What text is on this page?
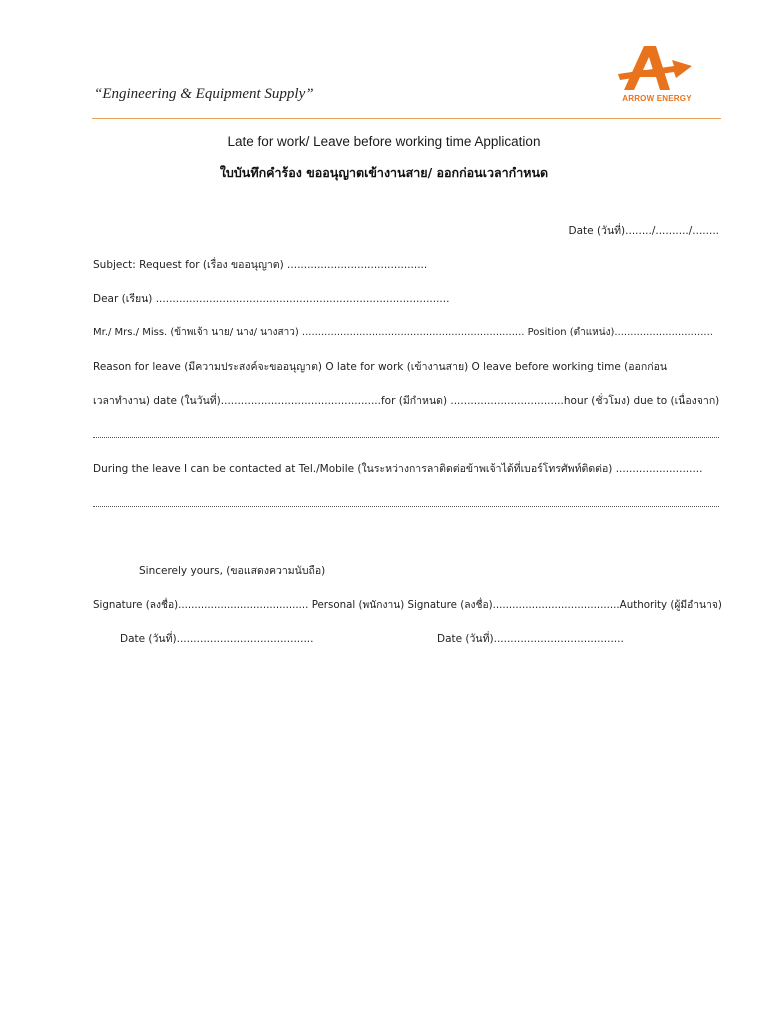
“Engineering & Equipment Supply”	ARROW ENERGY
Late for work/ Leave before working time Application
ใบบันทึกคำร้อง ขออนุญาตเข้างานสาย/ ออกก่อนเวลากำหนด
Date (วันที่)......../........../........
Subject: Request for (เรื่อง ขออนุญาต) ..........................................
Dear (เรียน) ........................................................................................
Mr./ Mrs./ Miss. (ข้าพเจ้า นาย/ นาง/ นางสาว) ...................................................................... Position (ตำแหน่ง)...............................
Reason for leave (มีความประสงค์จะขออนุญาต) O late for work (เข้างานสาย) O leave before working time (ออกก่อน
เวลาทำงาน) date (ในวันที่)................................................for (มีกำหนด) ..................................hour (ชั่วโมง) due to (เนื่องจาก)
During the leave I can be contacted at Tel./Mobile (ในระหว่างการลาติดต่อข้าพเจ้าได้ที่เบอร์โทรศัพท์ติดต่อ) ..........................
Sincerely yours, (ขอแสดงความนับถือ)
Signature (ลงชื่อ)........................................ Personal (พนักงาน) Signature (ลงชื่อ).......................................Authority (ผู้มีอำนาจ)
Date (วันที่).........................................	Date (วันที่).......................................
